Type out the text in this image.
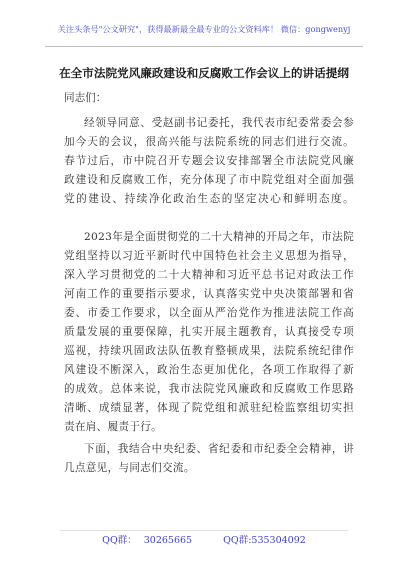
关注头条号"公文研究"，获得最新最全最专业的公文资料库！ 微信：gongwenyj
在全市法院党风廉政建设和反腐败工作会议上的讲话提纲
同志们：
经领导同意、受赵副书记委托，我代表市纪委常委会参
加今天的会议，很高兴能与法院系统的同志们进行交流。
春节过后，市中院召开专题会议安排部署全市法院党风廉
政建设和反腐败工作，充分体现了市中院党组对全面加强
党的建设、持续净化政治生态的坚定决心和鲜明态度。
2023年是全面贯彻党的二十大精神的开局之年，市法院
党组坚持以习近平新时代中国特色社会主义思想为指导，
深入学习贯彻党的二十大精神和习近平总书记对政法工作
河南工作的重要指示要求，认真落实党中央决策部署和省
委、市委工作要求，以全面从严治党作为推进法院工作高
质量发展的重要保障，扎实开展主题教育，认真接受专项
巡视，持续巩固政法队伍教育整顿成果，法院系统纪律作
风建设不断深入，政治生态更加优化，各项工作取得了新
的成效。总体来说，我市法院党风廉政和反腐败工作思路
清晰、成绩显著，体现了院党组和派驻纪检监察组切实担
责在肩、履责于行。
下面，我结合中央纪委、省纪委和市纪委全会精神，讲
几点意见，与同志们交流。
QQ群： 30265665	QQ群:535304092
